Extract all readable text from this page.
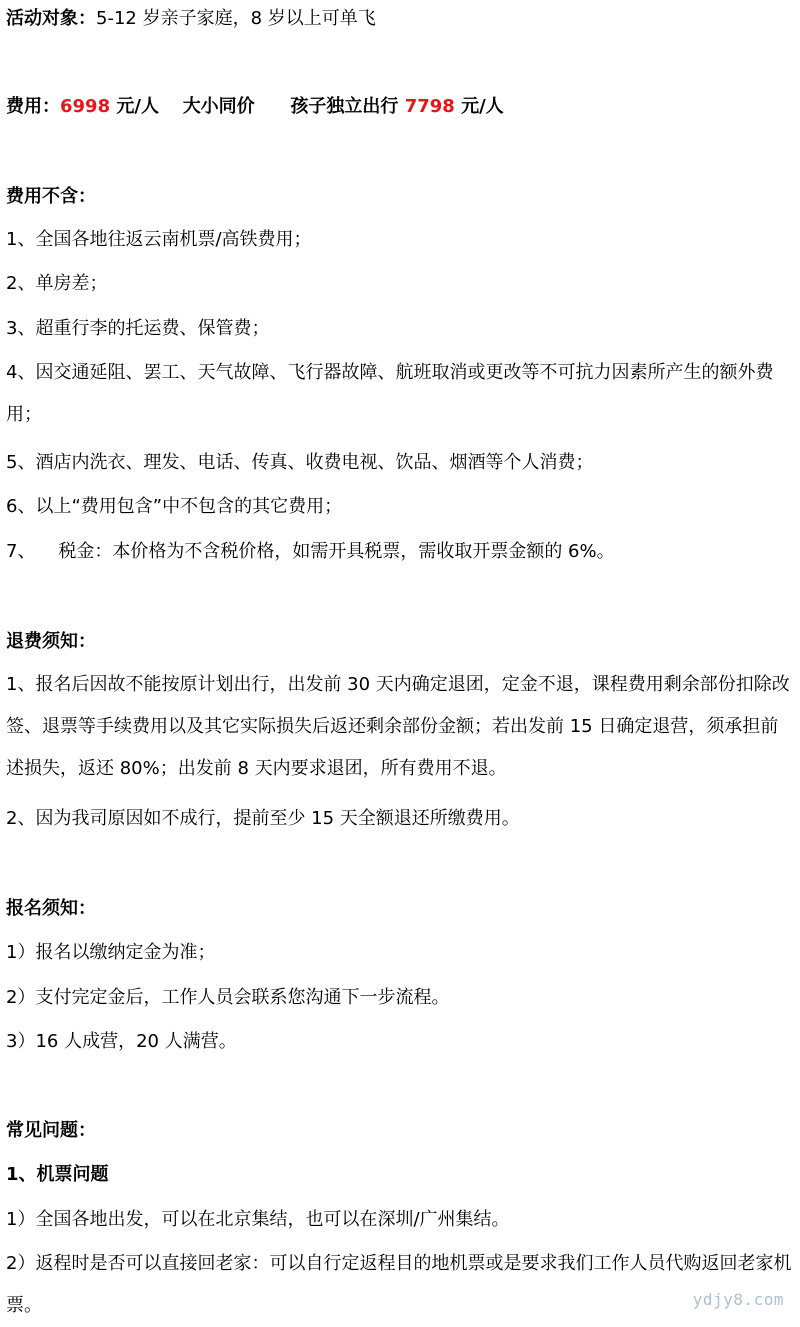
活动对象：5-12 岁亲子家庭，8 岁以上可单飞
费用：6998 元/人 大小同价 孩子独立出行 7798 元/人
费用不含：
1、全国各地往返云南机票/高铁费用；
2、单房差；
3、超重行李的托运费、保管费；
4、因交通延阻、罢工、天气故障、飞行器故障、航班取消或更改等不可抗力因素所产生的额外费用；
5、酒店内洗衣、理发、电话、传真、收费电视、饮品、烟酒等个人消费；
6、以上“费用包含”中不包含的其它费用；
7、    税金：本价格为不含税价格，如需开具税票，需收取开票金额的 6%。
退费须知：
1、报名后因故不能按原计划出行，出发前 30 天内确定退团，定金不退，课程费用剩余部份扣除改签、退票等手续费用以及其它实际损失后返还剩余部份金额；若出发前 15 日确定退营，须承担前述损失，返还 80%；出发前 8 天内要求退团，所有费用不退。
2、因为我司原因如不成行，提前至少 15 天全额退还所缴费用。
报名须知：
1）报名以缴纳定金为准；
2）支付完定金后，工作人员会联系您沟通下一步流程。
3）16 人成营，20 人满营。
常见问题：
1、机票问题
1）全国各地出发，可以在北京集结，也可以在深圳/广州集结。
2）返程时是否可以直接回老家：可以自行定返程目的地机票或是要求我们工作人员代购返回老家机票。	ydjy8.com
